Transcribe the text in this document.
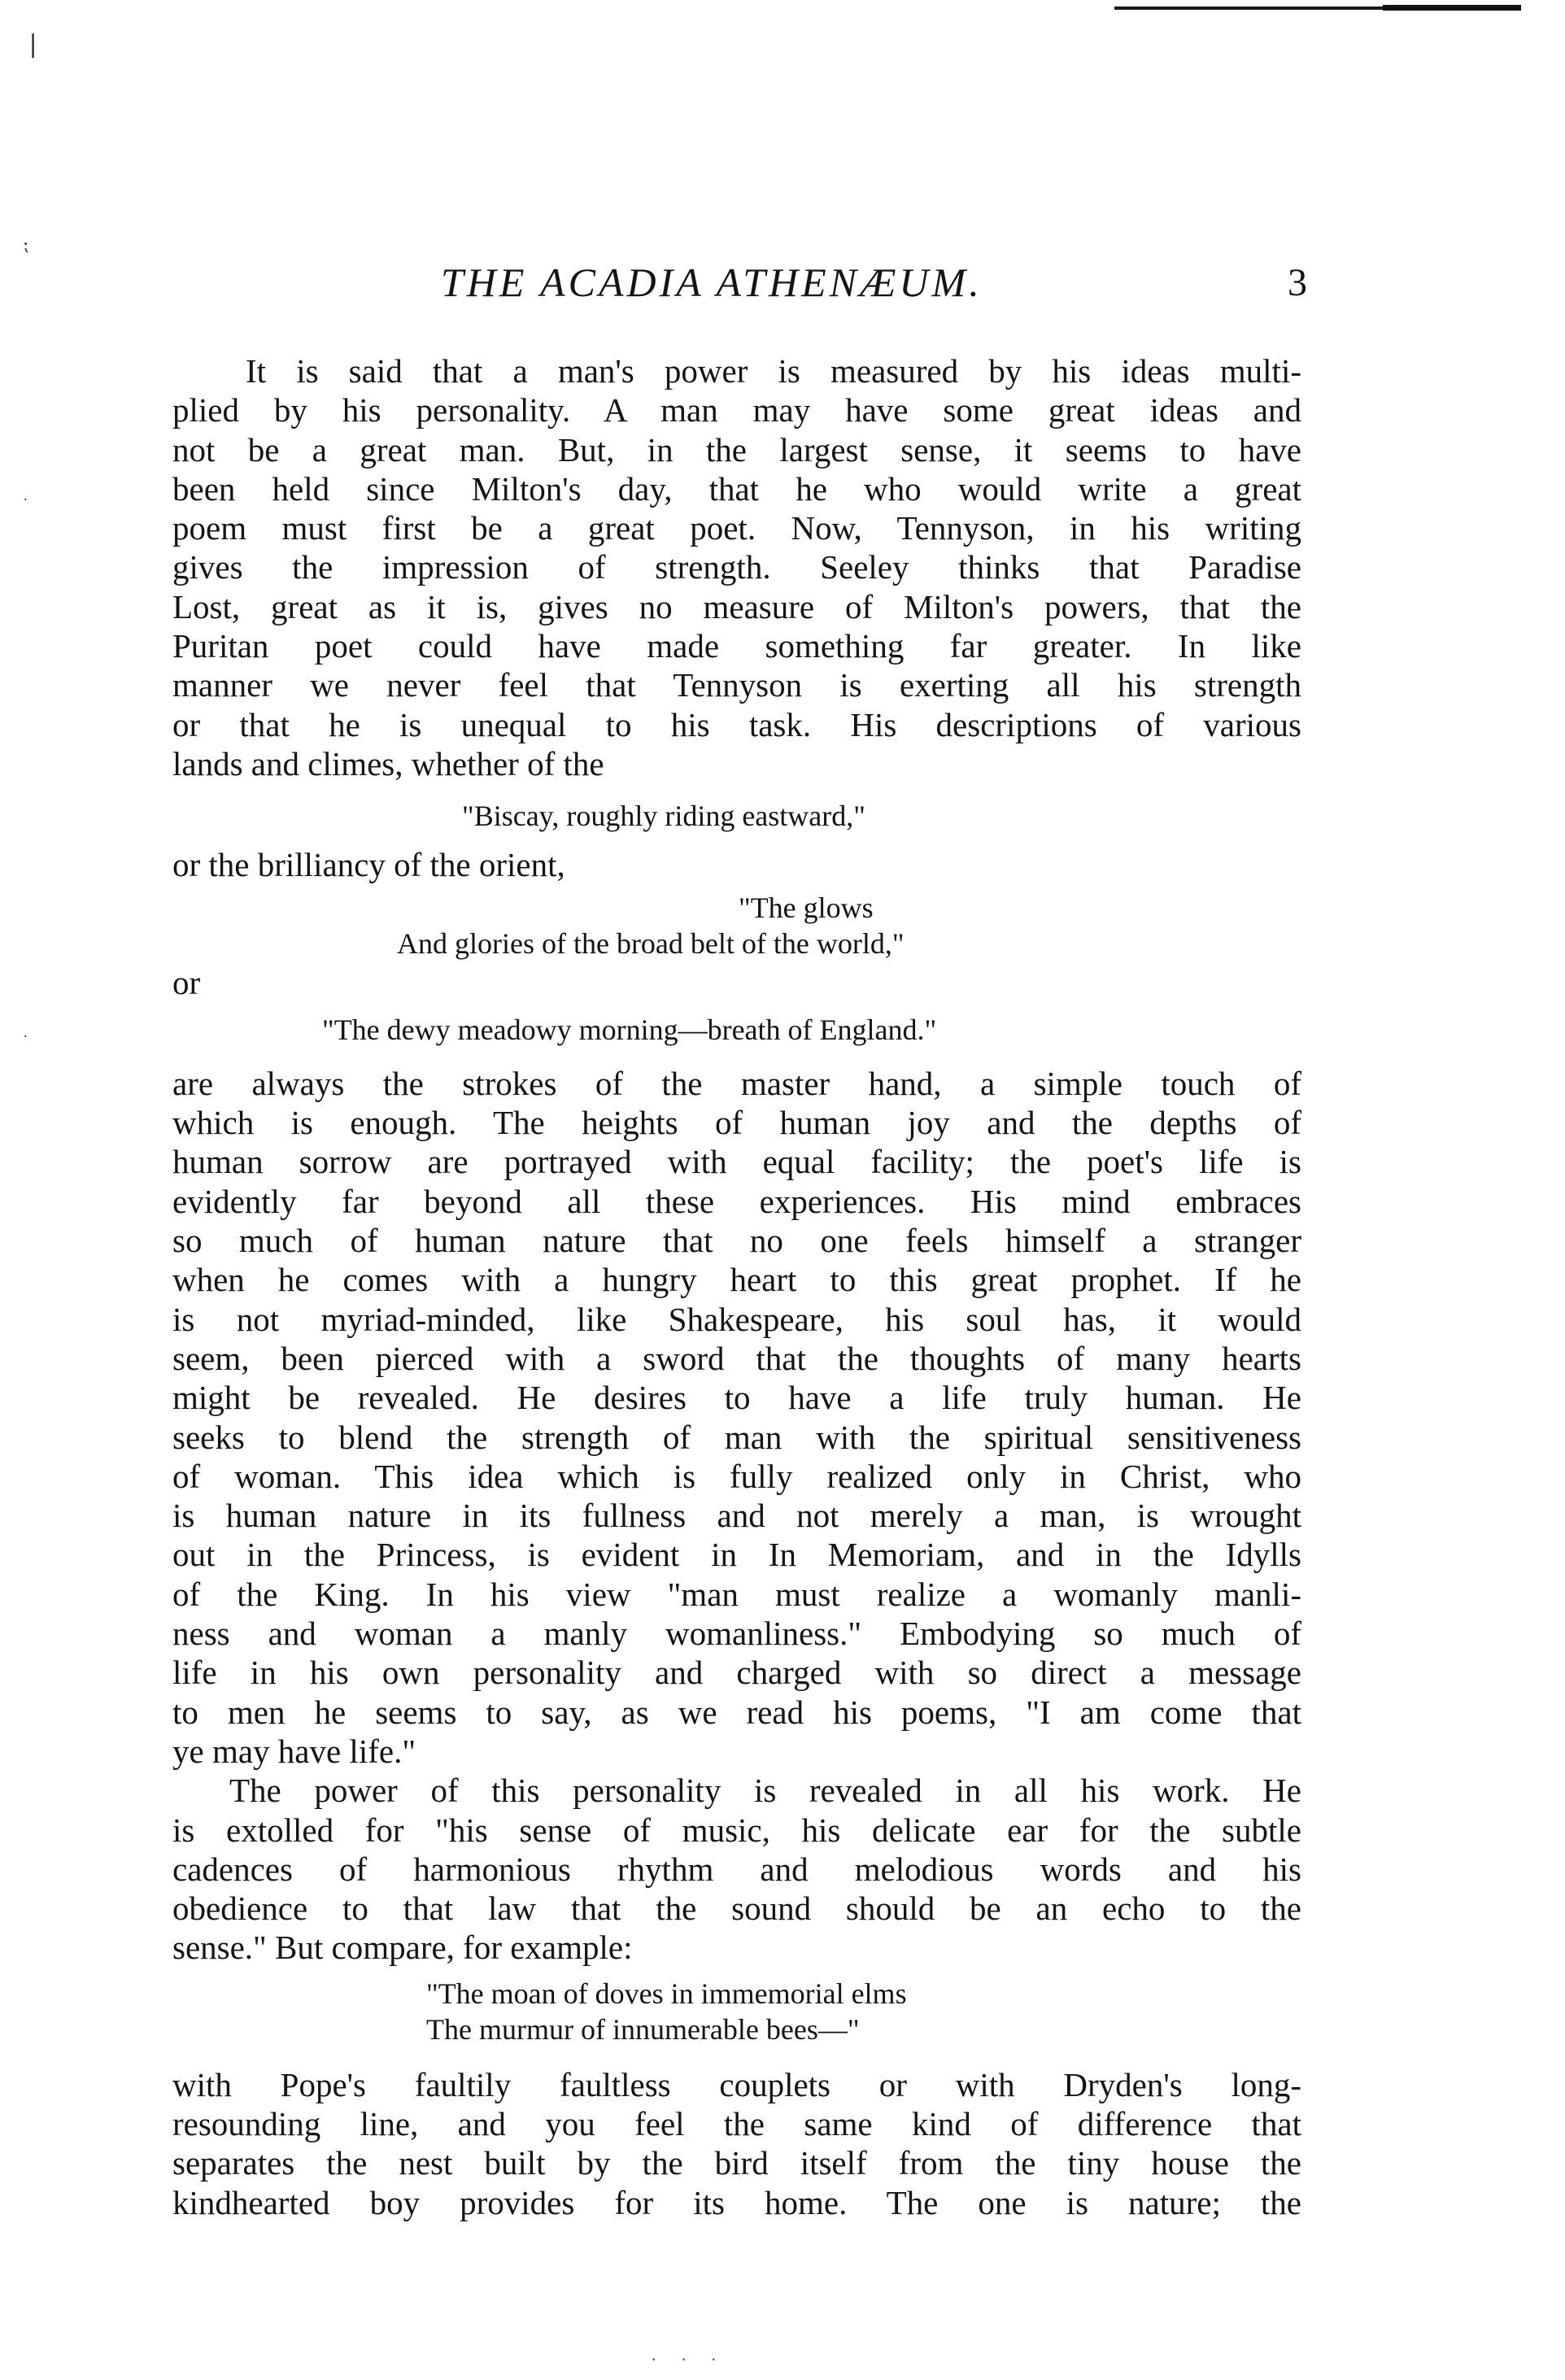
❘
⁏
˙
˙
THE ACADIA ATHENÆUM.	3
It is said that a man's power is measured by his ideas multi-
plied by his personality. A man may have some great ideas and
not be a great man. But, in the largest sense, it seems to have
been held since Milton's day, that he who would write a great
poem must first be a great poet. Now, Tennyson, in his writing
gives the impression of strength. Seeley thinks that Paradise
Lost, great as it is, gives no measure of Milton's powers, that the
Puritan poet could have made something far greater. In like
manner we never feel that Tennyson is exerting all his strength
or that he is unequal to his task. His descriptions of various
lands and climes, whether of the
"Biscay, roughly riding eastward,"
or the brilliancy of the orient,
"The glows
And glories of the broad belt of the world,"
or
"The dewy meadowy morning—breath of England."
are always the strokes of the master hand, a simple touch of
which is enough. The heights of human joy and the depths of
human sorrow are portrayed with equal facility; the poet's life is
evidently far beyond all these experiences. His mind embraces
so much of human nature that no one feels himself a stranger
when he comes with a hungry heart to this great prophet. If he
is not myriad-minded, like Shakespeare, his soul has, it would
seem, been pierced with a sword that the thoughts of many hearts
might be revealed. He desires to have a life truly human. He
seeks to blend the strength of man with the spiritual sensitiveness
of woman. This idea which is fully realized only in Christ, who
is human nature in its fullness and not merely a man, is wrought
out in the Princess, is evident in In Memoriam, and in the Idylls
of the King. In his view "man must realize a womanly manli-
ness and woman a manly womanliness." Embodying so much of
life in his own personality and charged with so direct a message
to men he seems to say, as we read his poems, "I am come that
ye may have life."
The power of this personality is revealed in all his work. He
is extolled for "his sense of music, his delicate ear for the subtle
cadences of harmonious rhythm and melodious words and his
obedience to that law that the sound should be an echo to the
sense." But compare, for example:
"The moan of doves in immemorial elms
The murmur of innumerable bees—"
with Pope's faultily faultless couplets or with Dryden's long-
resounding line, and you feel the same kind of difference that
separates the nest built by the bird itself from the tiny house the
kindhearted boy provides for its home. The one is nature; the
· · ·
